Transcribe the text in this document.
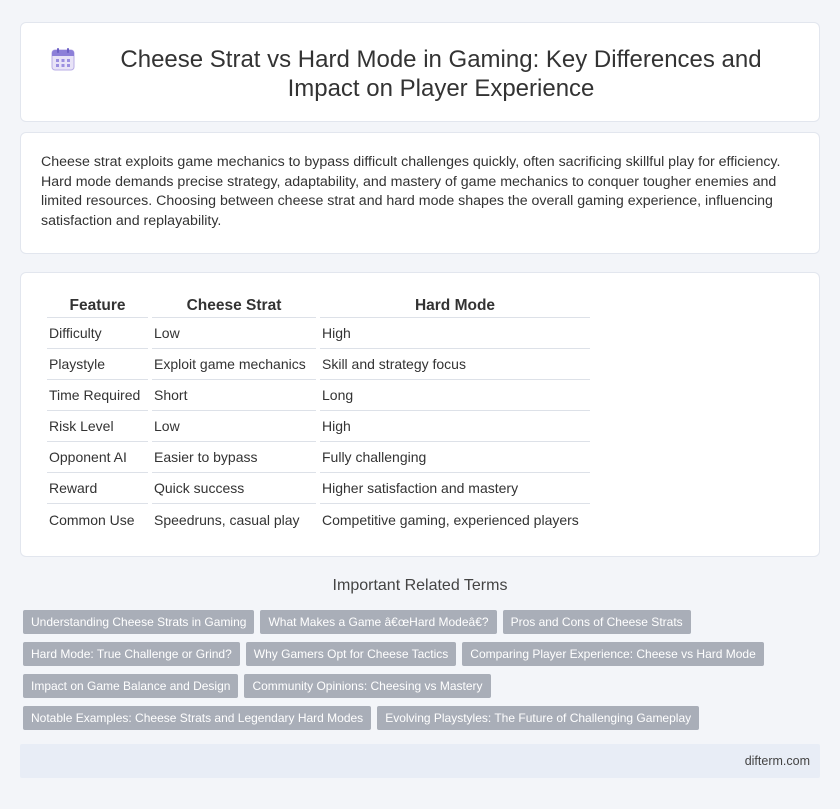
Cheese Strat vs Hard Mode in Gaming: Key Differences and Impact on Player Experience

Cheese strat exploits game mechanics to bypass difficult challenges quickly, often sacrificing skillful play for efficiency. Hard mode demands precise strategy, adaptability, and mastery of game mechanics to conquer tougher enemies and limited resources. Choosing between cheese strat and hard mode shapes the overall gaming experience, influencing satisfaction and replayability.

Feature	Cheese Strat	Hard Mode
Difficulty	Low	High
Playstyle	Exploit game mechanics	Skill and strategy focus
Time Required	Short	Long
Risk Level	Low	High
Opponent AI	Easier to bypass	Fully challenging
Reward	Quick success	Higher satisfaction and mastery
Common Use	Speedruns, casual play	Competitive gaming, experienced players
Important Related Terms
Understanding Cheese Strats in Gaming	What Makes a Game â€œHard Modeâ€?	Pros and Cons of Cheese Strats
Hard Mode: True Challenge or Grind?	Why Gamers Opt for Cheese Tactics	Comparing Player Experience: Cheese vs Hard Mode
Impact on Game Balance and Design	Community Opinions: Cheesing vs Mastery
Notable Examples: Cheese Strats and Legendary Hard Modes	Evolving Playstyles: The Future of Challenging Gameplay
difterm.com
